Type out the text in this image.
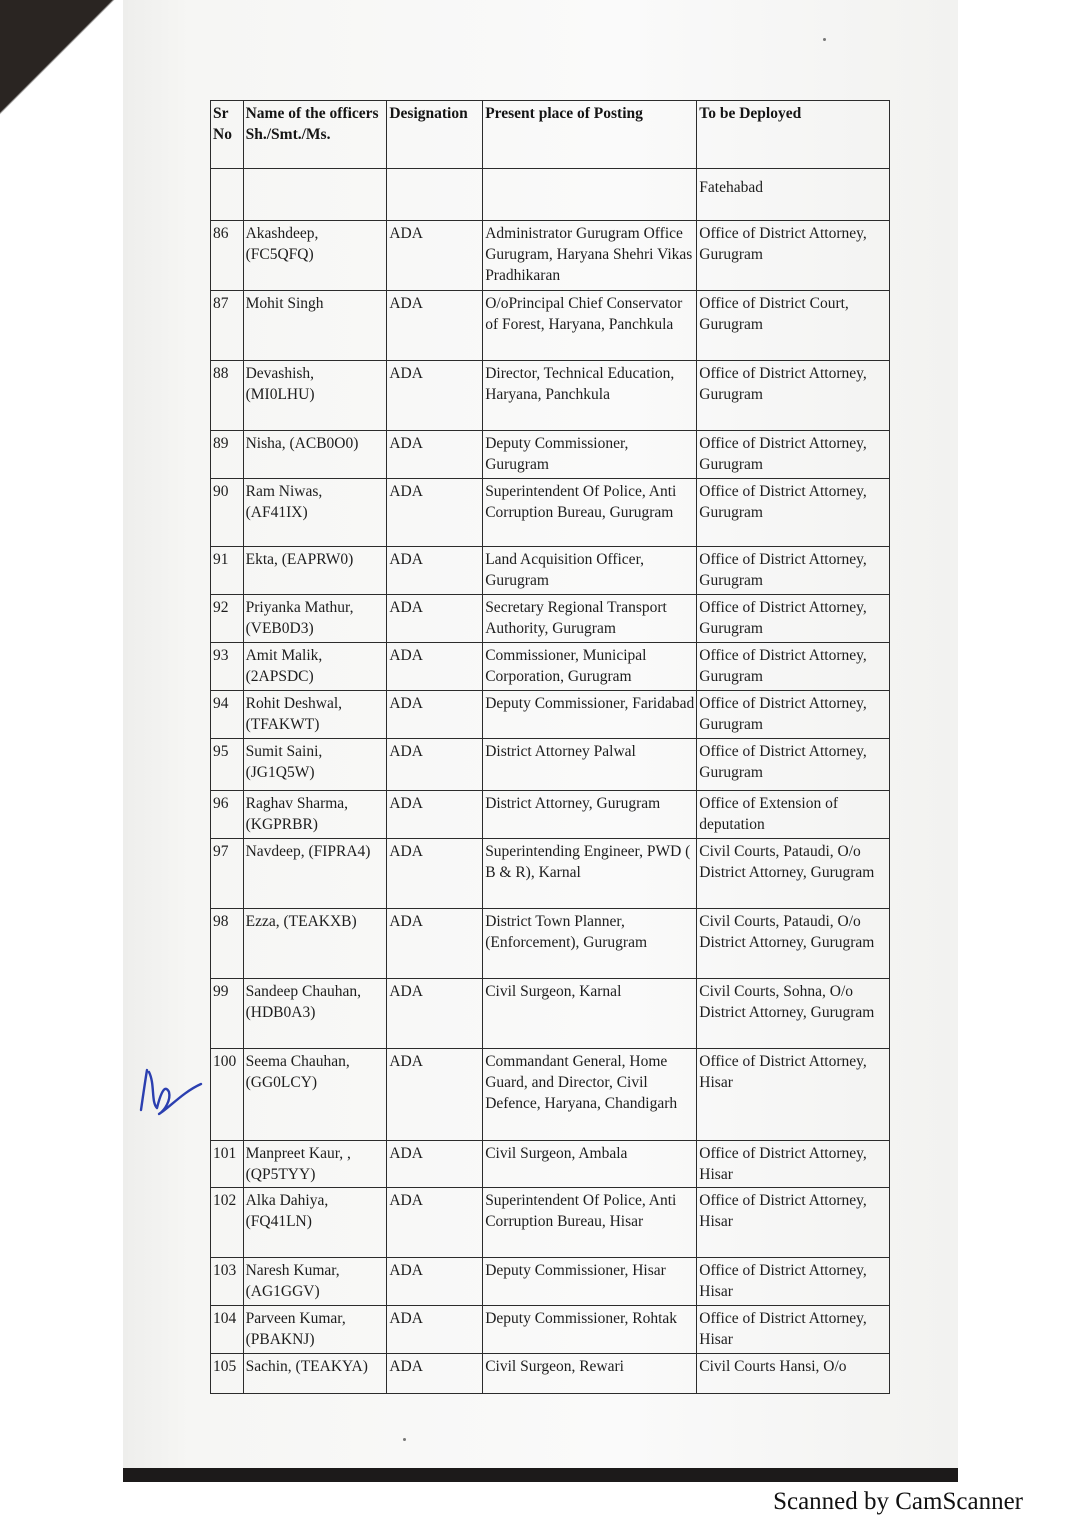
Sr No	Name of the officers Sh./Smt./Ms.	Designation	Present place of Posting	To be Deployed
				Fatehabad
86	Akashdeep, (FC5QFQ)	ADA	Administrator Gurugram Office Gurugram, Haryana Shehri Vikas Pradhikaran	Office of District Attorney, Gurugram
87	Mohit Singh	ADA	O/oPrincipal Chief Conservator of Forest, Haryana, Panchkula	Office of District Court, Gurugram
88	Devashish, (MI0LHU)	ADA	Director, Technical Education, Haryana, Panchkula	Office of District Attorney, Gurugram
89	Nisha, (ACB0O0)	ADA	Deputy Commissioner, Gurugram	Office of District Attorney, Gurugram
90	Ram Niwas, (AF41IX)	ADA	Superintendent Of Police, Anti Corruption Bureau, Gurugram	Office of District Attorney, Gurugram
91	Ekta, (EAPRW0)	ADA	Land Acquisition Officer, Gurugram	Office of District Attorney, Gurugram
92	Priyanka Mathur, (VEB0D3)	ADA	Secretary Regional Transport Authority, Gurugram	Office of District Attorney, Gurugram
93	Amit Malik, (2APSDC)	ADA	Commissioner, Municipal Corporation, Gurugram	Office of District Attorney, Gurugram
94	Rohit Deshwal, (TFAKWT)	ADA	Deputy Commissioner, Faridabad	Office of District Attorney, Gurugram
95	Sumit Saini, (JG1Q5W)	ADA	District Attorney Palwal	Office of District Attorney, Gurugram
96	Raghav Sharma, (KGPRBR)	ADA	District Attorney, Gurugram	Office of Extension of deputation
97	Navdeep, (FIPRA4)	ADA	Superintending Engineer, PWD ( B & R), Karnal	Civil Courts, Pataudi, O/o District Attorney, Gurugram
98	Ezza, (TEAKXB)	ADA	District Town Planner, (Enforcement), Gurugram	Civil Courts, Pataudi, O/o District Attorney, Gurugram
99	Sandeep Chauhan, (HDB0A3)	ADA	Civil Surgeon, Karnal	Civil Courts, Sohna, O/o District Attorney, Gurugram
100	Seema Chauhan, (GG0LCY)	ADA	Commandant General, Home Guard, and Director, Civil Defence, Haryana, Chandigarh	Office of District Attorney, Hisar
101	Manpreet Kaur, , (QP5TYY)	ADA	Civil Surgeon, Ambala	Office of District Attorney, Hisar
102	Alka Dahiya, (FQ41LN)	ADA	Superintendent Of Police, Anti Corruption Bureau, Hisar	Office of District Attorney, Hisar
103	Naresh Kumar, (AG1GGV)	ADA	Deputy Commissioner, Hisar	Office of District Attorney, Hisar
104	Parveen Kumar, (PBAKNJ)	ADA	Deputy Commissioner, Rohtak	Office of District Attorney, Hisar
105	Sachin, (TEAKYA)	ADA	Civil Surgeon, Rewari	Civil Courts Hansi, O/o
Scanned by CamScanner
